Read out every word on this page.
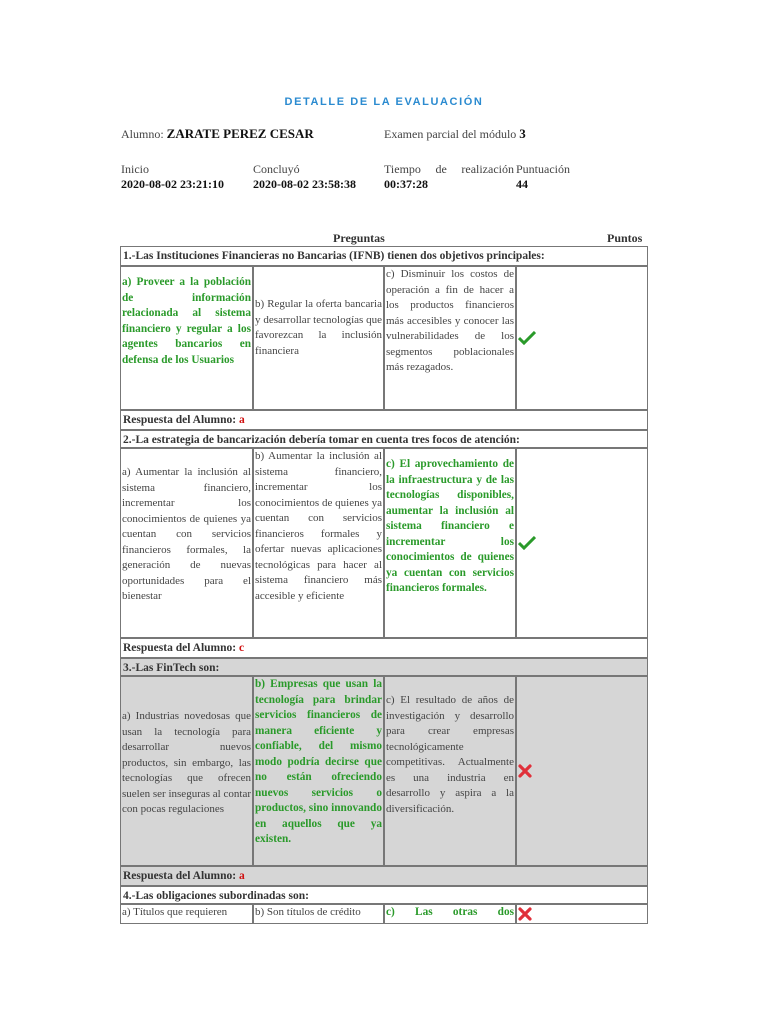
DETALLE DE LA EVALUACIÓN
Alumno: ZARATE PEREZ CESAR	Examen parcial del módulo 3
Inicio
2020-08-02 23:21:10
Concluyó
2020-08-02 23:58:38
Tiempo de realización
00:37:28
Puntuación
44
Preguntas	Puntos
1.-Las Instituciones Financieras no Bancarias (IFNB) tienen dos objetivos principales:
a) Proveer a la población de información relacionada al sistema financiero y regular a los agentes bancarios en defensa de los Usuarios
b) Regular la oferta bancaria y desarrollar tecnologías que favorezcan la inclusión financiera
c) Disminuir los costos de operación a fin de hacer a los productos financieros más accesibles y conocer las vulnerabilidades de los segmentos poblacionales más rezagados.
Respuesta del Alumno: a
2.-La estrategia de bancarización debería tomar en cuenta tres focos de atención:
a) Aumentar la inclusión al sistema financiero, incrementar los conocimientos de quienes ya cuentan con servicios financieros formales, la generación de nuevas oportunidades para el bienestar
b) Aumentar la inclusión al sistema financiero, incrementar los conocimientos de quienes ya cuentan con servicios financieros formales y ofertar nuevas aplicaciones tecnológicas para hacer al sistema financiero más accesible y eficiente
c) El aprovechamiento de la infraestructura y de las tecnologías disponibles, aumentar la inclusión al sistema financiero e incrementar los conocimientos de quienes ya cuentan con servicios financieros formales.
Respuesta del Alumno: c
3.-Las FinTech son:
a) Industrias novedosas que usan la tecnología para desarrollar nuevos productos, sin embargo, las tecnologías que ofrecen suelen ser inseguras al contar con pocas regulaciones
b) Empresas que usan la tecnología para brindar servicios financieros de manera eficiente y confiable, del mismo modo podría decirse que no están ofreciendo nuevos servicios o productos, sino innovando en aquellos que ya existen.
c) El resultado de años de investigación y desarrollo para crear empresas tecnológicamente competitivas. Actualmente es una industria en desarrollo y aspira a la diversificación.
Respuesta del Alumno: a
4.-Las obligaciones subordinadas son:
a) Títulos que requieren	b) Son títulos de crédito	c) Las otras dos
